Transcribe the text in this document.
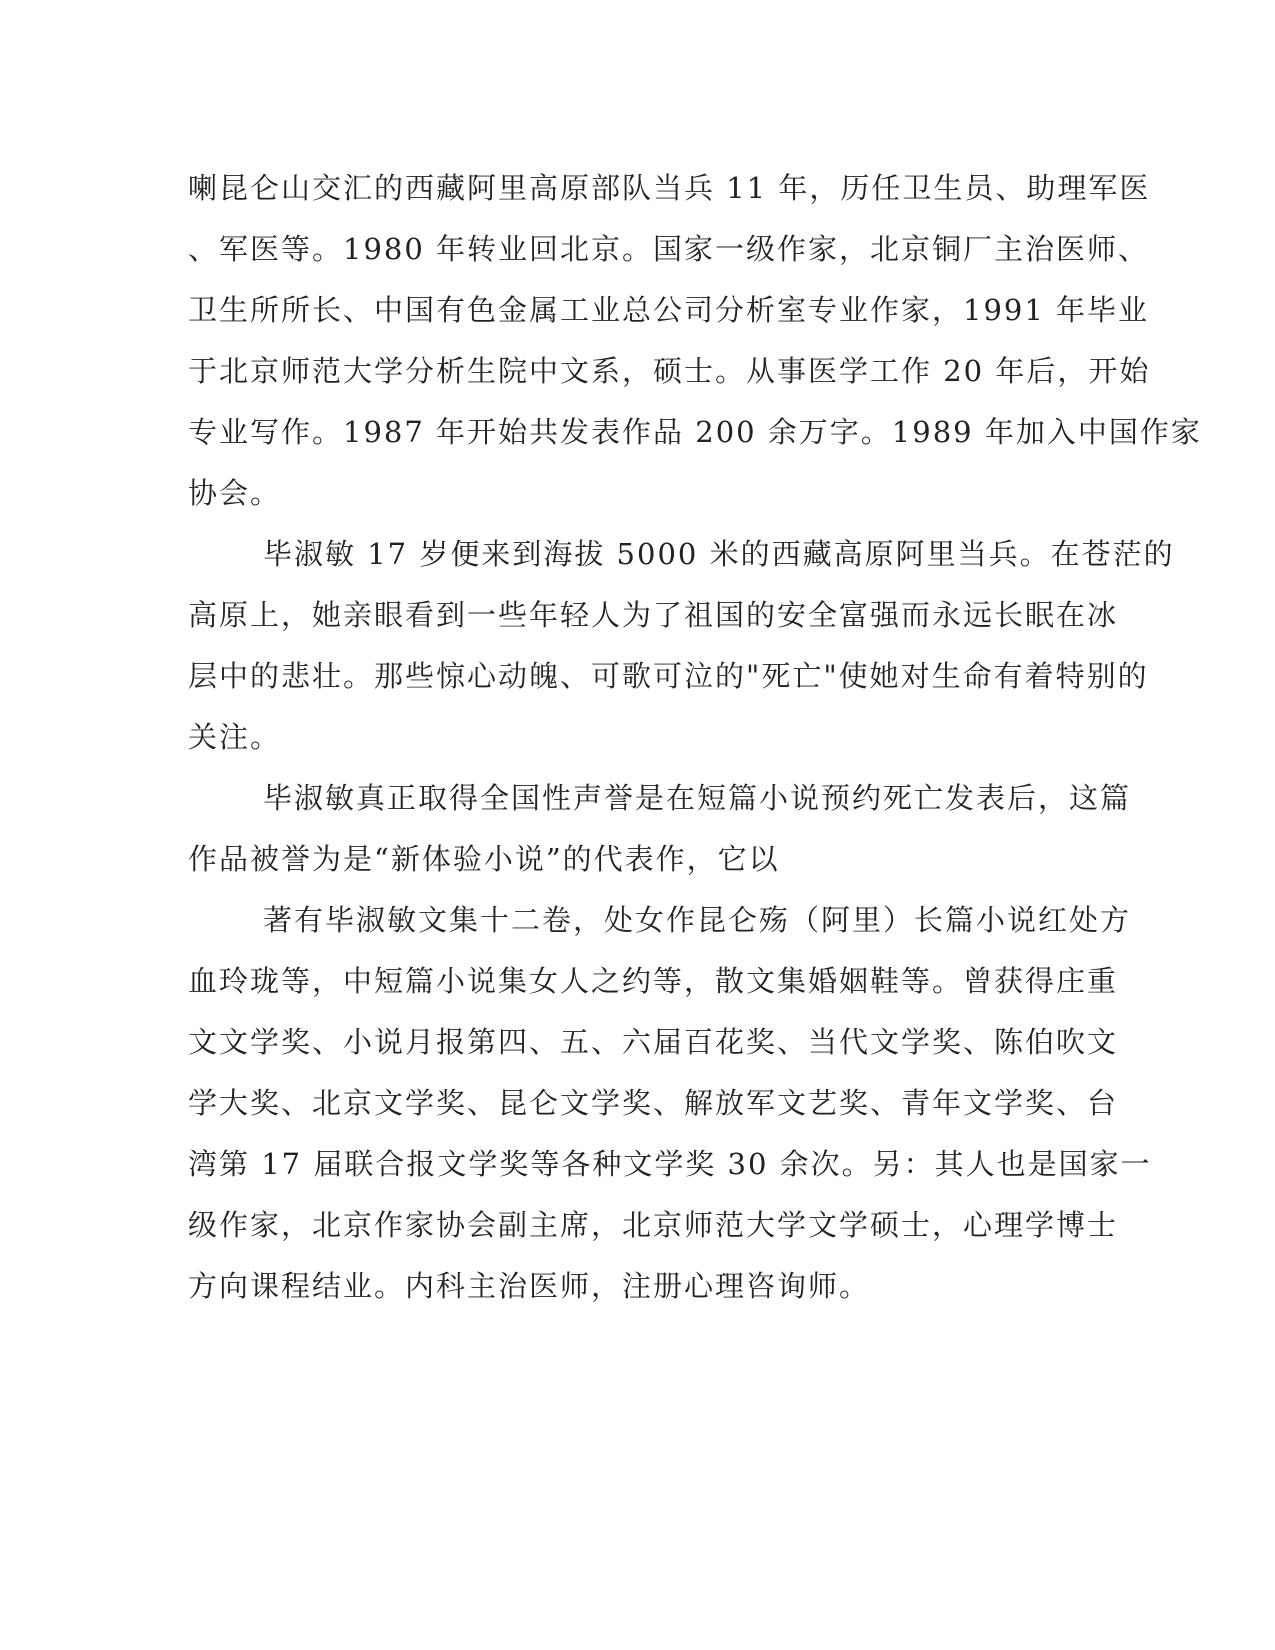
喇昆仑山交汇的西藏阿里高原部队当兵 11 年，历任卫生员、助理军医
、军医等。1980 年转业回北京。国家一级作家，北京铜厂主治医师、
卫生所所长、中国有色金属工业总公司分析室专业作家，1991 年毕业
于北京师范大学分析生院中文系，硕士。从事医学工作 20 年后，开始
专业写作。1987 年开始共发表作品 200 余万字。1989 年加入中国作家
协会。
毕淑敏 17 岁便来到海拔 5000 米的西藏高原阿里当兵。在苍茫的
高原上，她亲眼看到一些年轻人为了祖国的安全富强而永远长眠在冰
层中的悲壮。那些惊心动魄、可歌可泣的"死亡"使她对生命有着特别的
关注。
毕淑敏真正取得全国性声誉是在短篇小说预约死亡发表后，这篇
作品被誉为是“新体验小说”的代表作，它以
著有毕淑敏文集十二卷，处女作昆仑殇（阿里）长篇小说红处方
血玲珑等，中短篇小说集女人之约等，散文集婚姻鞋等。曾获得庄重
文文学奖、小说月报第四、五、六届百花奖、当代文学奖、陈伯吹文
学大奖、北京文学奖、昆仑文学奖、解放军文艺奖、青年文学奖、台
湾第 17 届联合报文学奖等各种文学奖 30 余次。另：其人也是国家一
级作家，北京作家协会副主席，北京师范大学文学硕士，心理学博士
方向课程结业。内科主治医师，注册心理咨询师。
